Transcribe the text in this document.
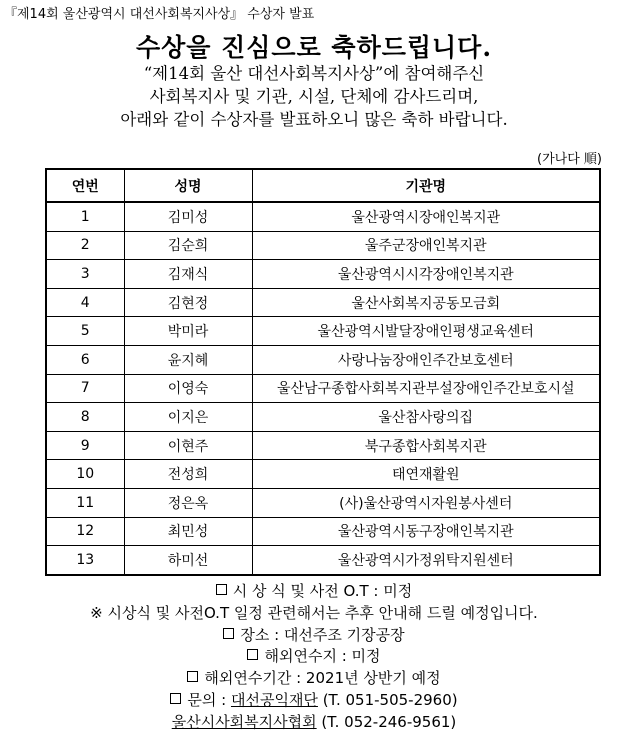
『제14회 울산광역시 대선사회복지사상』 수상자 발표
수상을 진심으로 축하드립니다.
“제14회 울산 대선사회복지사상”에 참여해주신
사회복지사 및 기관, 시설, 단체에 감사드리며,
아래와 같이 수상자를 발표하오니 많은 축하 바랍니다.
(가나다 順)
연번	성명	기관명
1	김미성	울산광역시장애인복지관
2	김순희	울주군장애인복지관
3	김재식	울산광역시시각장애인복지관
4	김현정	울산사회복지공동모금회
5	박미라	울산광역시발달장애인평생교육센터
6	윤지혜	사랑나눔장애인주간보호센터
7	이영숙	울산남구종합사회복지관부설장애인주간보호시설
8	이지은	울산참사랑의집
9	이현주	북구종합사회복지관
10	전성희	태연재활원
11	정은옥	(사)울산광역시자원봉사센터
12	최민성	울산광역시동구장애인복지관
13	하미선	울산광역시가정위탁지원센터
시 상 식 및 사전 O.T : 미정
※ 시상식 및 사전O.T 일정 관련해서는 추후 안내해 드릴 예정입니다.
장소 : 대선주조 기장공장
해외연수지 : 미정
해외연수기간 : 2021년 상반기 예정
문의 : 대선공익재단 (T. 051-505-2960)
울산시사회복지사협회 (T. 052-246-9561)
